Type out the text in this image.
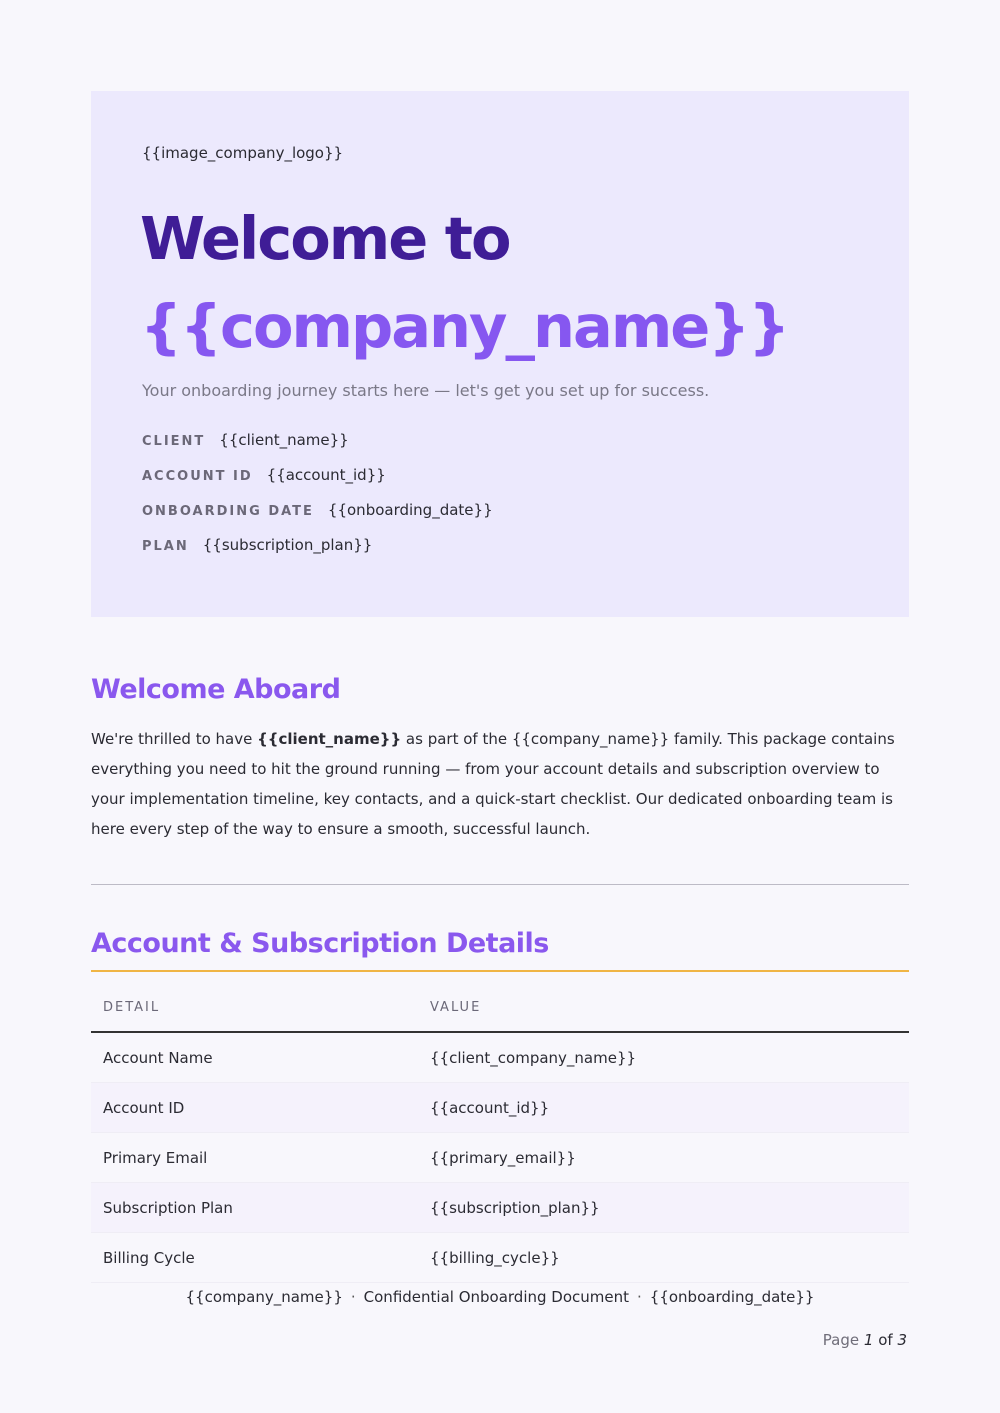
{{image_company_logo}}
Welcome to
{{company_name}}
Your onboarding journey starts here — let's get you set up for success.
CLIENT {{client_name}}
ACCOUNT ID {{account_id}}
ONBOARDING DATE {{onboarding_date}}
PLAN {{subscription_plan}}
Welcome Aboard

We're thrilled to have {{client_name}} as part of the {{company_name}} family. This package contains everything you need to hit the ground running — from your account details and subscription overview to your implementation timeline, key contacts, and a quick-start checklist. Our dedicated onboarding team is here every step of the way to ensure a smooth, successful launch.

Account & Subscription Details
DETAIL	VALUE
Account Name	{{client_company_name}}
Account ID	{{account_id}}
Primary Email	{{primary_email}}
Subscription Plan	{{subscription_plan}}
Billing Cycle	{{billing_cycle}}
{{company_name}} · Confidential Onboarding Document · {{onboarding_date}}
Page 1 of 3
